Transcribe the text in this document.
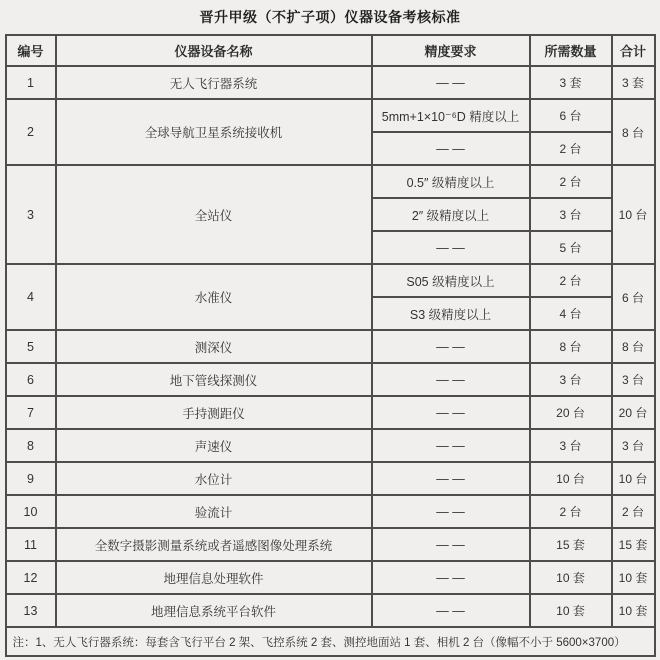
晋升甲级（不扩子项）仪器设备考核标准
编号	仪器设备名称	精度要求	所需数量	合计
1	无人飞行器系统	— —	3 套	3 套
2	全球导航卫星系统接收机	5mm+1×10⁻⁶D 精度以上	6 台	8 台
		— —	2 台	
3	全站仪	0.5″ 级精度以上	2 台	10 台
		2″ 级精度以上	3 台	
		— —	5 台	
4	水准仪	S05 级精度以上	2 台	6 台
		S3 级精度以上	4 台	
5	测深仪	— —	8 台	8 台
6	地下管线探测仪	— —	3 台	3 台
7	手持测距仪	— —	20 台	20 台
8	声速仪	— —	3 台	3 台
9	水位计	— —	10 台	10 台
10	验流计	— —	2 台	2 台
11	全数字摄影测量系统或者遥感图像处理系统	— —	15 套	15 套
12	地理信息处理软件	— —	10 套	10 套
13	地理信息系统平台软件	— —	10 套	10 套
注：1、无人飞行器系统：每套含飞行平台 2 架、飞控系统 2 套、测控地面站 1 套、相机 2 台（像幅不小于 5600×3700）				
